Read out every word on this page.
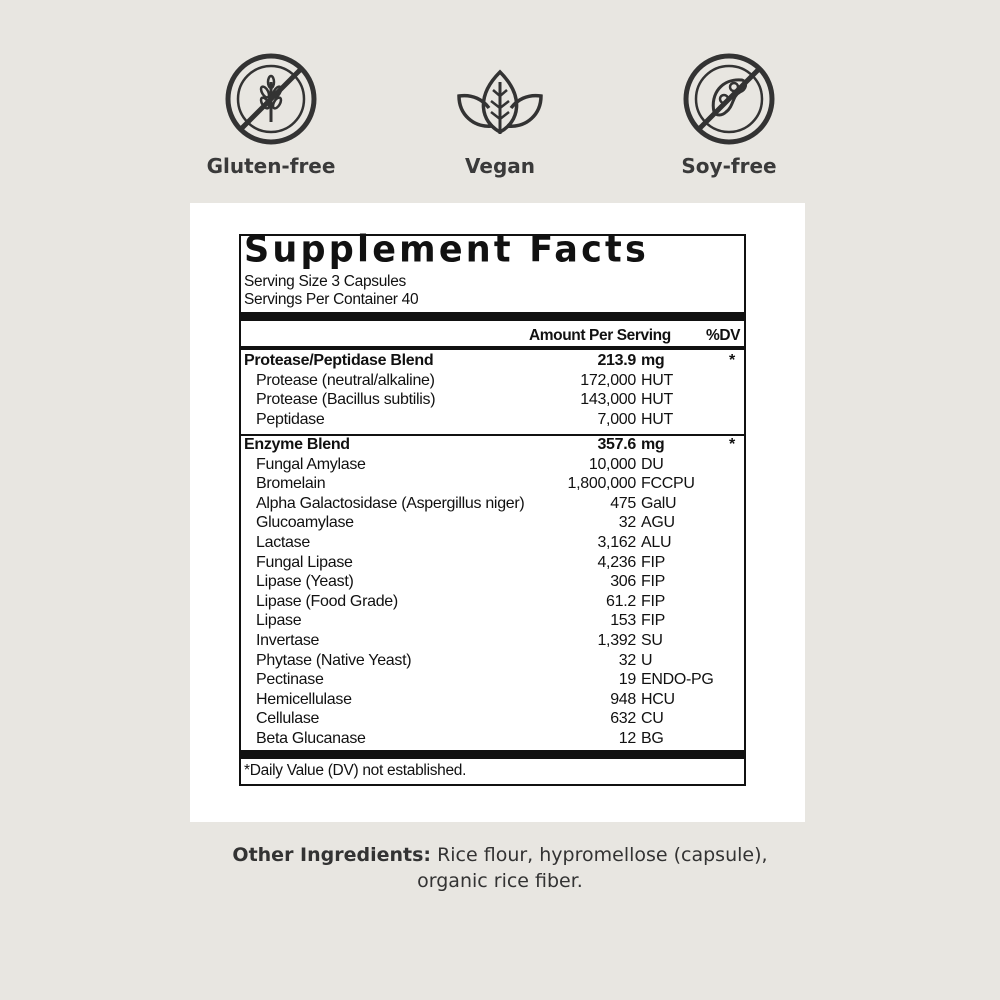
Gluten-free	Vegan	Soy-free
Supplement Facts
Serving Size 3 Capsules
Servings Per Container 40
Amount Per Serving %DV
Protease/Peptidase Blend	213.9 mg	*
Protease (neutral/alkaline)	172,000 HUT
Protease (Bacillus subtilis)	143,000 HUT
Peptidase	7,000 HUT
Enzyme Blend	357.6 mg	*
Fungal Amylase	10,000 DU
Bromelain	1,800,000 FCCPU
Alpha Galactosidase (Aspergillus niger)	475 GalU
Glucoamylase	32 AGU
Lactase	3,162 ALU
Fungal Lipase	4,236 FIP
Lipase (Yeast)	306 FIP
Lipase (Food Grade)	61.2 FIP
Lipase	153 FIP
Invertase	1,392 SU
Phytase (Native Yeast)	32 U
Pectinase	19 ENDO-PG
Hemicellulase	948 HCU
Cellulase	632 CU
Beta Glucanase	12 BG
*Daily Value (DV) not established.
Other Ingredients: Rice flour, hypromellose (capsule),
organic rice fiber.
